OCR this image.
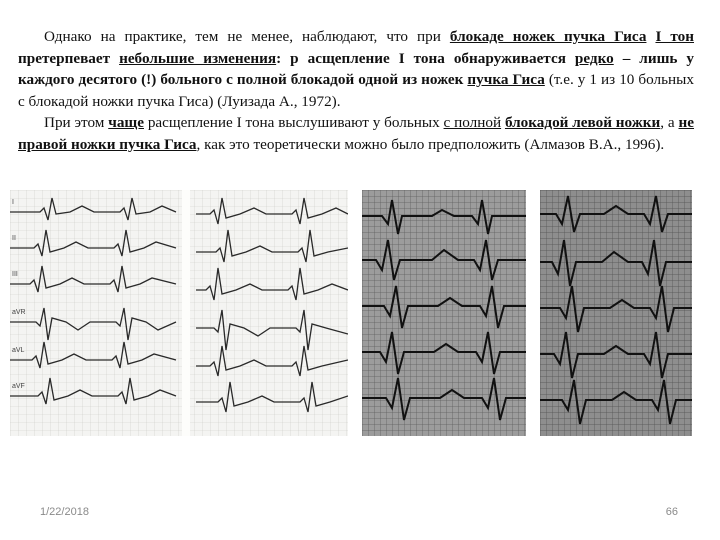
Однако на практике, тем не менее, наблюдают, что при блокаде ножек пучка Гиса I тон претерпевает небольшие изменения: р асщепление I тона обнаруживается редко – лишь у каждого десятого (!) больного с полной блокадой одной из ножек пучка Гиса (т.е. у 1 из 10 больных с блокадой ножки пучка Гиса) (Луизада А., 1972).

При этом чаще расщепление I тона выслушивают у больных с полной блокадой левой ножки, а не правой ножки пучка Гиса, как это теоретически можно было предположить (Алмазов В.А., 1996).

I
II
III
aVR
aVL
aVF
1/22/2018	66
